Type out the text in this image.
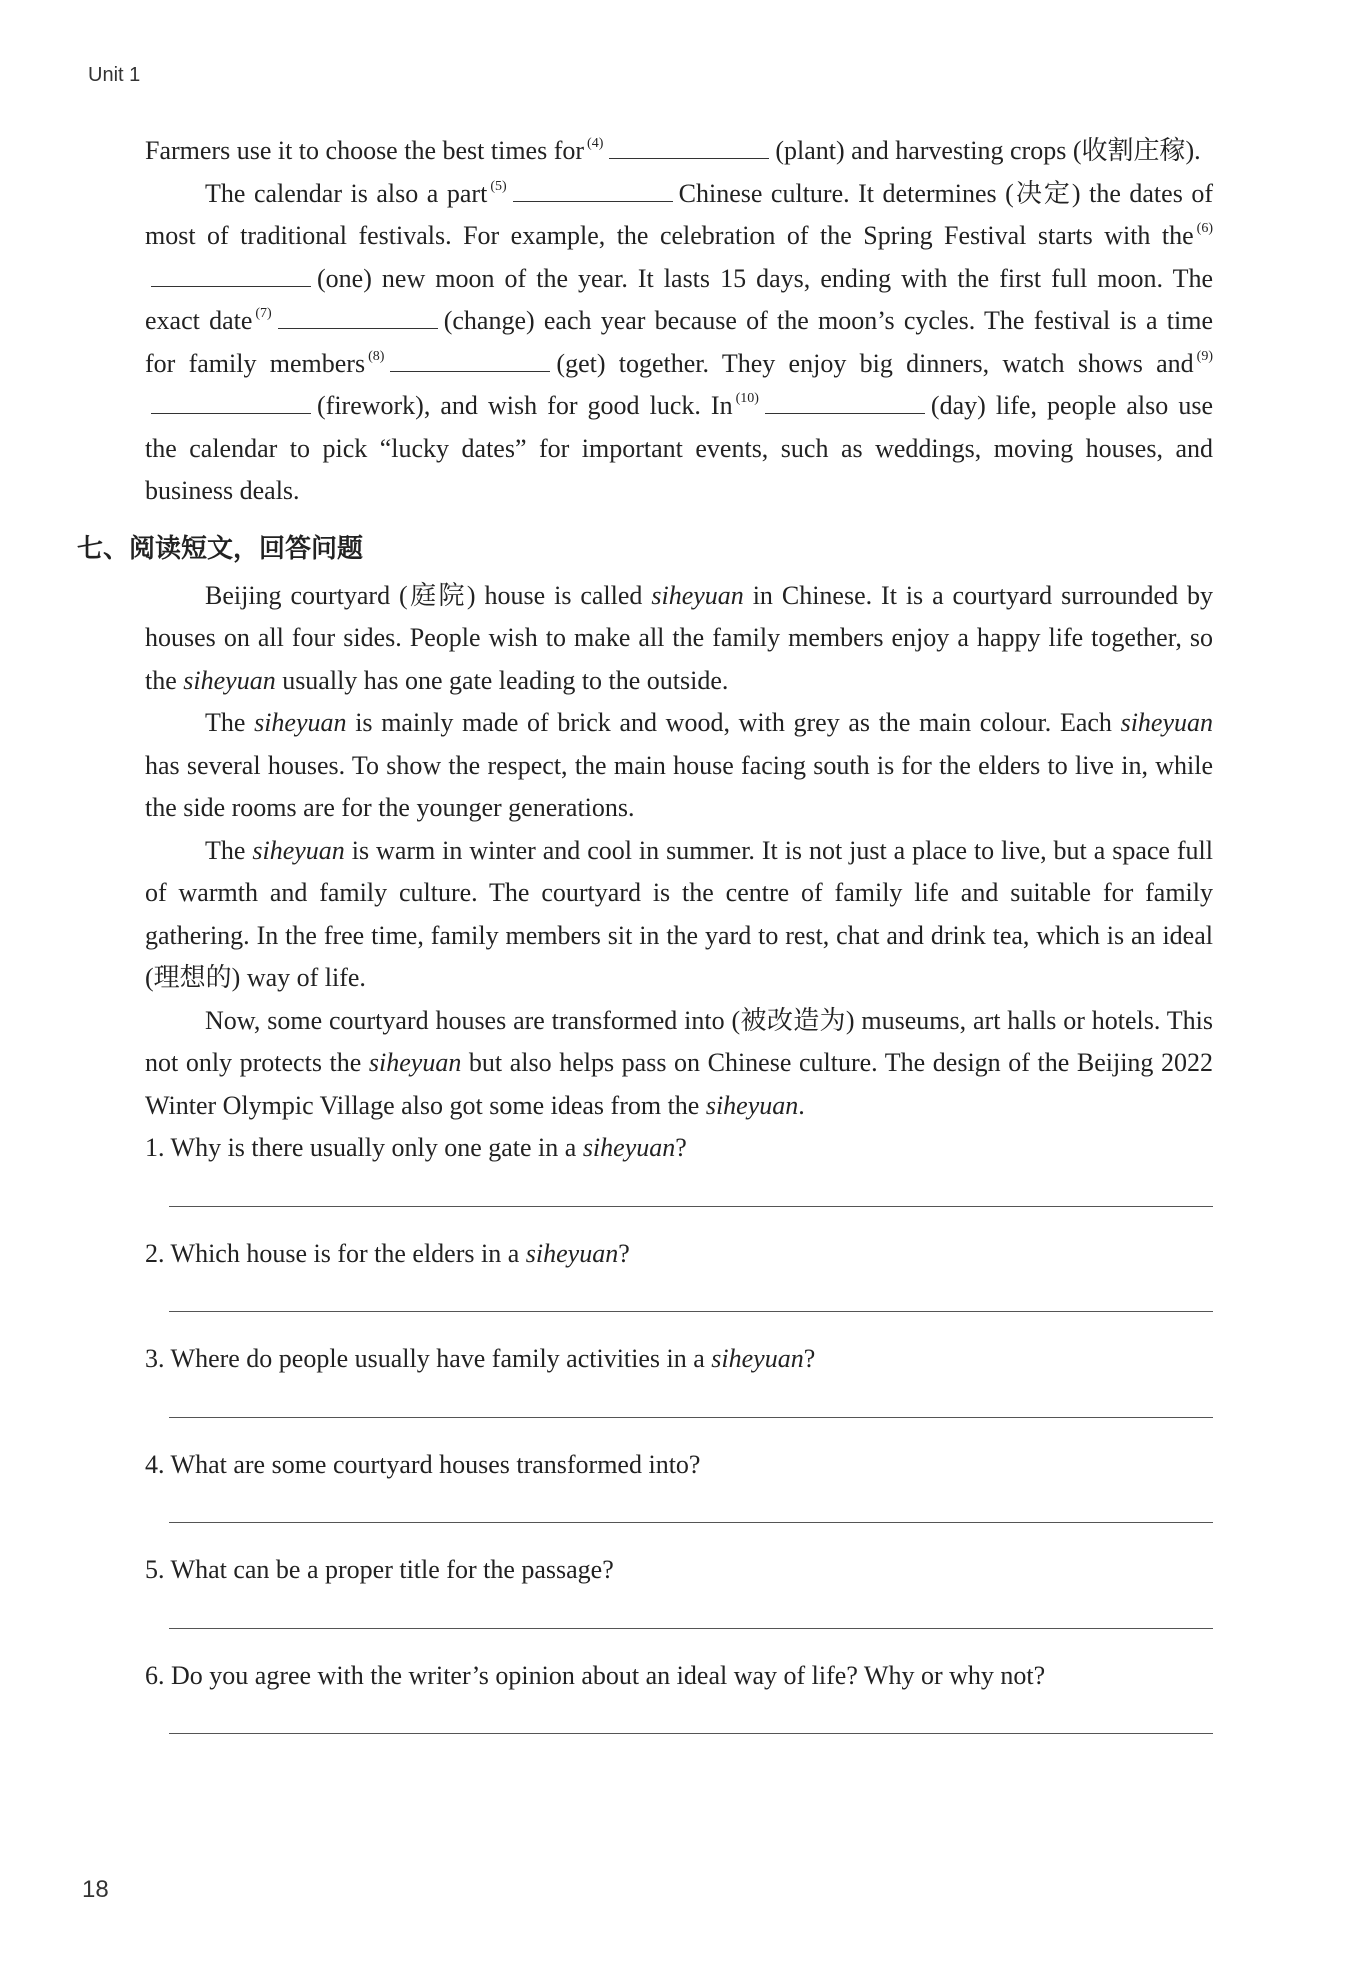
Unit 1

Farmers use it to choose the best times for $^{(4)}$	(plant) and harvesting crops (收割庄稼).

The calendar is also a part $^{(5)}$	Chinese culture. It determines (决定) the dates of most of traditional festivals. For example, the celebration of the Spring Festival starts with the $^{(6)}$(one) new moon of the year. It lasts 15 days, ending with the first full moon. The exact date $^{(7)}$	(change) each year because of the moon’s cycles. The festival is a time for family members $^{(8)}$	(get) together. They enjoy big dinners, watch shows and $^{(9)}$(firework), and wish for good luck. In $^{(10)}$	(day) life, people also use the calendar to pick “lucky dates” for important events, such as weddings, moving houses, and business deals.

七、阅读短文，回答问题

Beijing courtyard (庭院) house is called siheyuan in Chinese. It is a courtyard surrounded by houses on all four sides. People wish to make all the family members enjoy a happy life together, so the siheyuan usually has one gate leading to the outside.

The siheyuan is mainly made of brick and wood, with grey as the main colour. Each siheyuan has several houses. To show the respect, the main house facing south is for the elders to live in, while the side rooms are for the younger generations.

The siheyuan is warm in winter and cool in summer. It is not just a place to live, but a space full of warmth and family culture. The courtyard is the centre of family life and suitable for family gathering. In the free time, family members sit in the yard to rest, chat and drink tea, which is an ideal (理想的) way of life.

Now, some courtyard houses are transformed into (被改造为) museums, art halls or hotels. This not only protects the siheyuan but also helps pass on Chinese culture. The design of the Beijing 2022 Winter Olympic Village also got some ideas from the siheyuan.

1. Why is there usually only one gate in a siheyuan?

2. Which house is for the elders in a siheyuan?

3. Where do people usually have family activities in a siheyuan?

4. What are some courtyard houses transformed into?

5. What can be a proper title for the passage?

6. Do you agree with the writer’s opinion about an ideal way of life? Why or why not?

18
